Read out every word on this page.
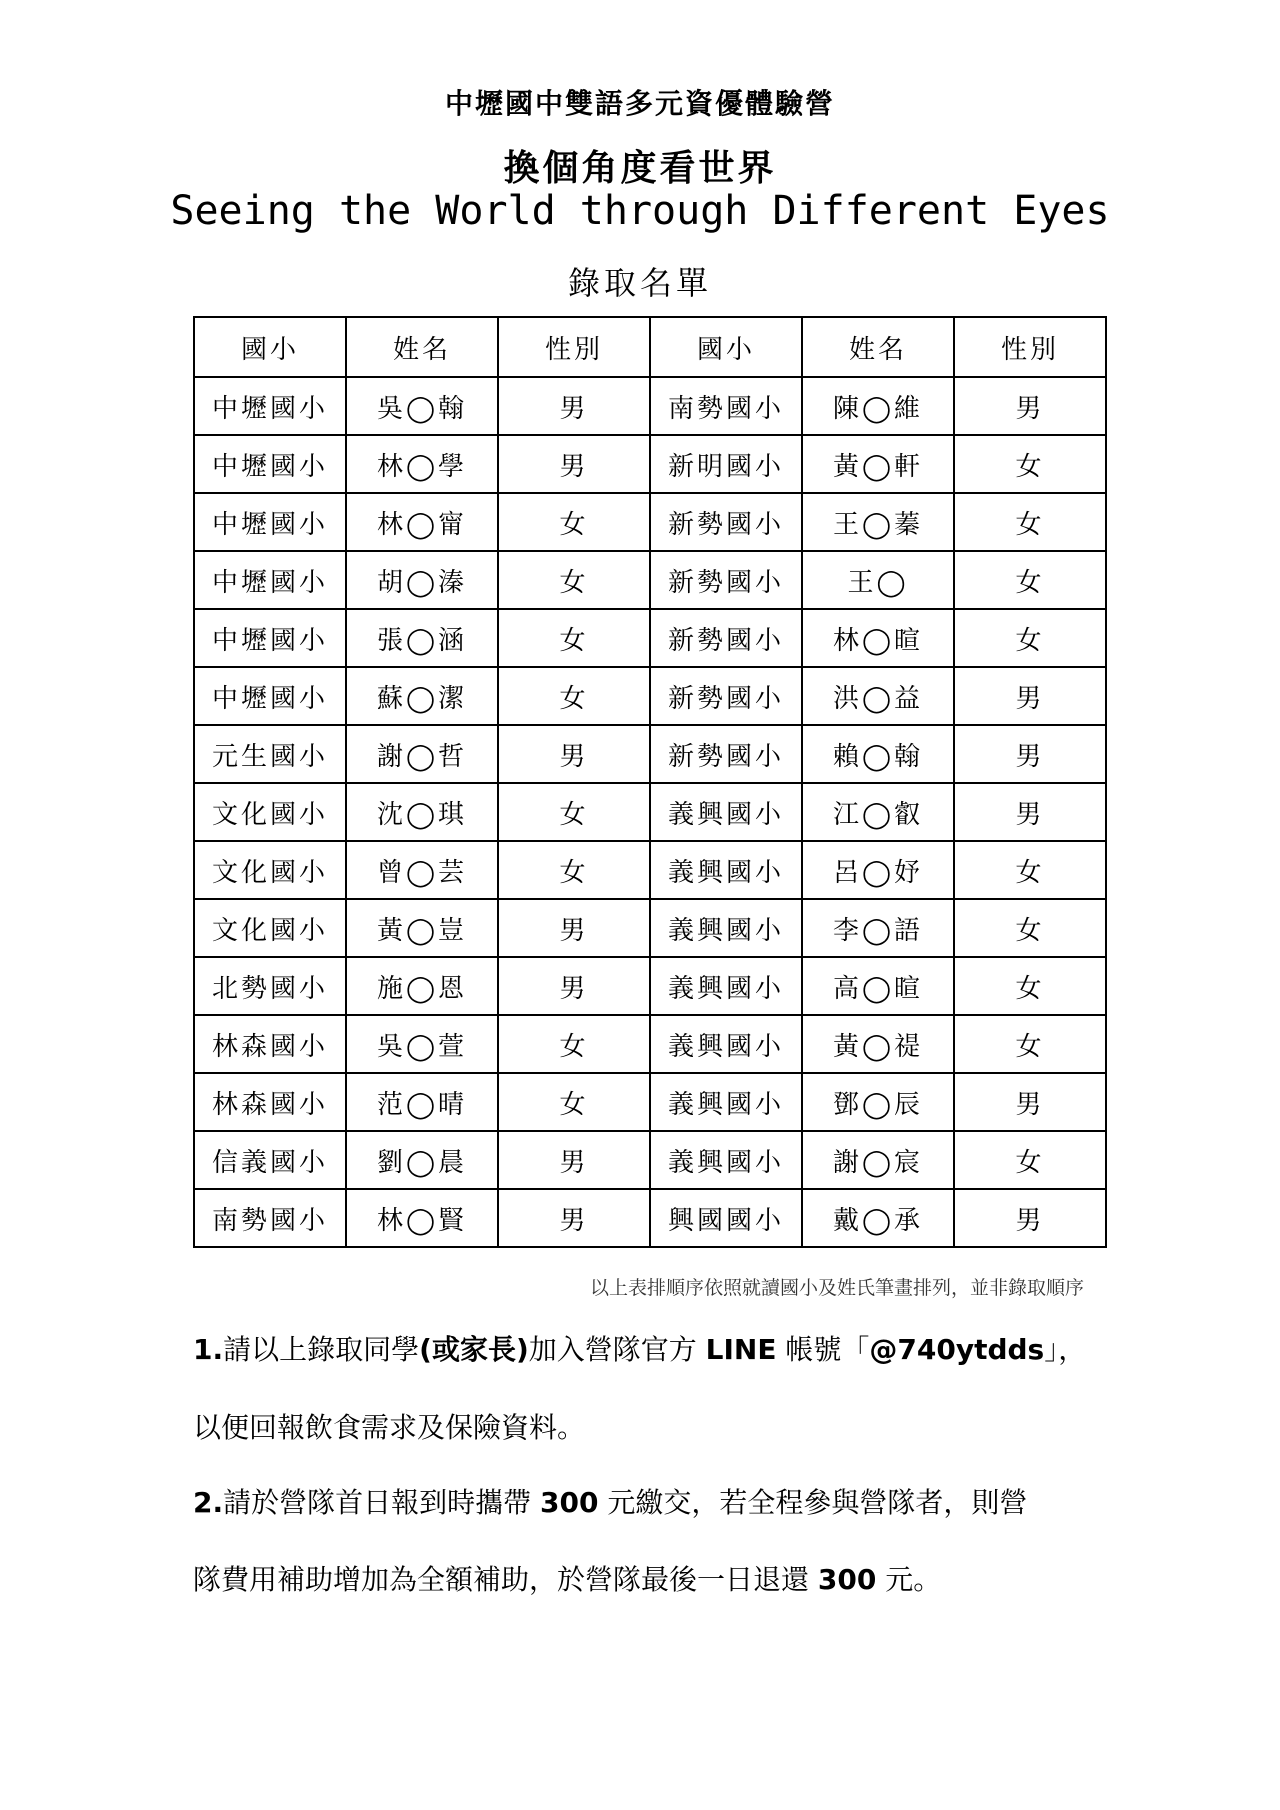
中壢國中雙語多元資優體驗營
換個角度看世界
Seeing the World through Different Eyes
錄取名單
國小	姓名	性別	國小	姓名	性別
中壢國小	吳◯翰	男	南勢國小	陳◯維	男
中壢國小	林◯學	男	新明國小	黃◯軒	女
中壢國小	林◯甯	女	新勢國小	王◯蓁	女
中壢國小	胡◯溱	女	新勢國小	王◯	女
中壢國小	張◯涵	女	新勢國小	林◯暄	女
中壢國小	蘇◯潔	女	新勢國小	洪◯益	男
元生國小	謝◯哲	男	新勢國小	賴◯翰	男
文化國小	沈◯琪	女	義興國小	江◯叡	男
文化國小	曾◯芸	女	義興國小	呂◯妤	女
文化國小	黃◯豈	男	義興國小	李◯語	女
北勢國小	施◯恩	男	義興國小	高◯暄	女
林森國小	吳◯萱	女	義興國小	黃◯禔	女
林森國小	范◯晴	女	義興國小	鄧◯辰	男
信義國小	劉◯晨	男	義興國小	謝◯宸	女
南勢國小	林◯賢	男	興國國小	戴◯承	男
以上表排順序依照就讀國小及姓氏筆畫排列，並非錄取順序
1.請以上錄取同學(或家長)加入營隊官方 LINE 帳號「@740ytdds」，
以便回報飲食需求及保險資料。
2.請於營隊首日報到時攜帶 300 元繳交，若全程參與營隊者，則營
隊費用補助增加為全額補助，於營隊最後一日退還 300 元。
